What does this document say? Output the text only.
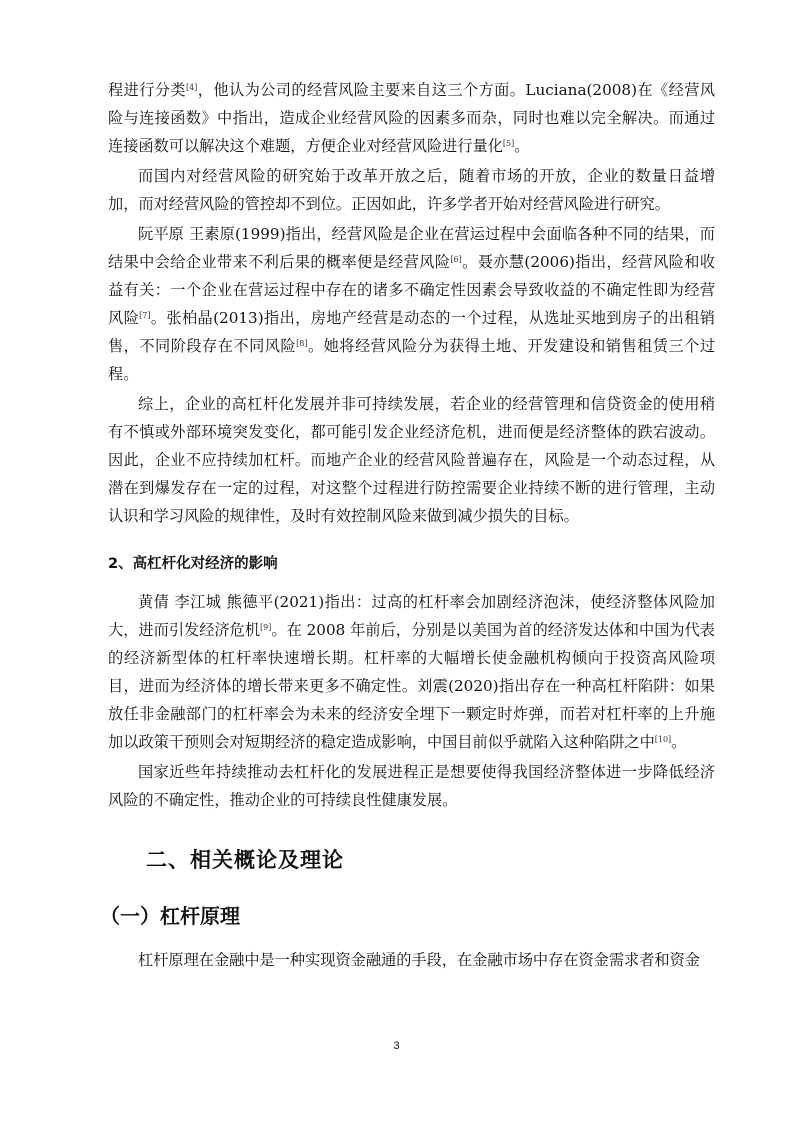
程进行分类[4]，他认为公司的经营风险主要来自这三个方面。Luciana(2008)在《经营风险与连接函数》中指出，造成企业经营风险的因素多而杂，同时也难以完全解决。而通过连接函数可以解决这个难题，方便企业对经营风险进行量化[5]。

而国内对经营风险的研究始于改革开放之后，随着市场的开放，企业的数量日益增加，而对经营风险的管控却不到位。正因如此，许多学者开始对经营风险进行研究。

阮平原 王素原(1999)指出，经营风险是企业在营运过程中会面临各种不同的结果，而结果中会给企业带来不利后果的概率便是经营风险[6]。聂亦慧(2006)指出，经营风险和收益有关：一个企业在营运过程中存在的诸多不确定性因素会导致收益的不确定性即为经营风险[7]。张柏晶(2013)指出，房地产经营是动态的一个过程，从选址买地到房子的出租销售，不同阶段存在不同风险[8]。她将经营风险分为获得土地、开发建设和销售租赁三个过程。

综上，企业的高杠杆化发展并非可持续发展，若企业的经营管理和信贷资金的使用稍有不慎或外部环境突发变化，都可能引发企业经济危机，进而便是经济整体的跌宕波动。因此，企业不应持续加杠杆。而地产企业的经营风险普遍存在，风险是一个动态过程，从潜在到爆发存在一定的过程，对这整个过程进行防控需要企业持续不断的进行管理，主动认识和学习风险的规律性，及时有效控制风险来做到减少损失的目标。

2、高杠杆化对经济的影响

黄倩 李江城 熊德平(2021)指出：过高的杠杆率会加剧经济泡沫，使经济整体风险加大，进而引发经济危机[9]。在 2008 年前后，分别是以美国为首的经济发达体和中国为代表的经济新型体的杠杆率快速增长期。杠杆率的大幅增长使金融机构倾向于投资高风险项目，进而为经济体的增长带来更多不确定性。刘震(2020)指出存在一种高杠杆陷阱：如果放任非金融部门的杠杆率会为未来的经济安全埋下一颗定时炸弹，而若对杠杆率的上升施加以政策干预则会对短期经济的稳定造成影响，中国目前似乎就陷入这种陷阱之中[10]。

国家近些年持续推动去杠杆化的发展进程正是想要使得我国经济整体进一步降低经济风险的不确定性，推动企业的可持续良性健康发展。

二、相关概论及理论
（一）杠杆原理

杠杆原理在金融中是一种实现资金融通的手段，在金融市场中存在资金需求者和资金

3
